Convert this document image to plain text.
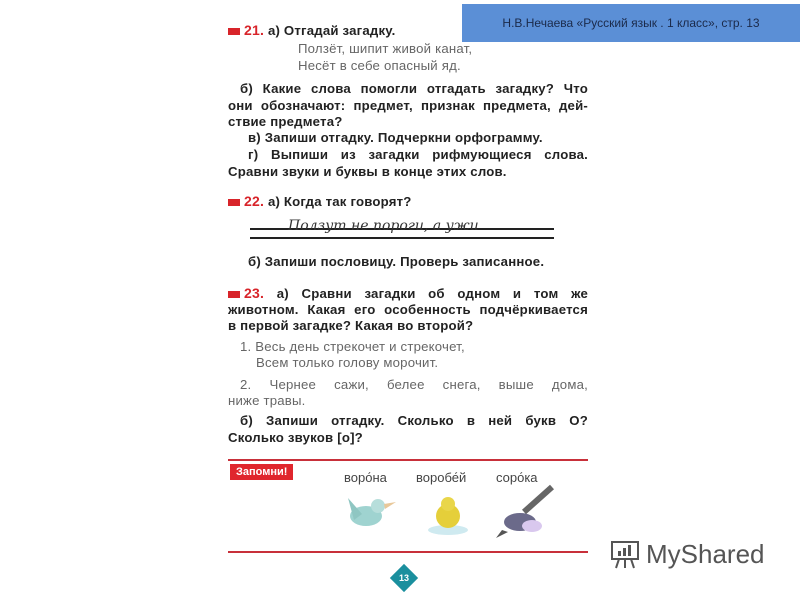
Н.В.Нечаева «Русский язык . 1 класс», стр. 13
21. а) Отгадай загадку.
Ползёт, шипит живой канат,
Несёт в себе опасный яд.
б) Какие слова помогли отгадать загадку? Что
они обозначают: предмет, признак предмета, дей-
ствие предмета?
в) Запиши отгадку. Подчеркни орфограмму.
г) Выпиши из загадки рифмующиеся слова.
Сравни звуки и буквы в конце этих слов.
22. а) Когда так говорят?
Ползут не пороги, а ужи
б) Запиши пословицу. Проверь записанное.
23. а) Сравни загадки об одном и том же
животном. Какая его особенность подчёркивается
в первой загадке? Какая во второй?
1. Весь день стрекочет и стрекочет,
Всем только голову морочит.
2. Чернее сажи, белее снега, выше дома,
ниже травы.
б) Запиши отгадку. Сколько в ней букв О?
Сколько звуков [о]?
Запомни!	воро́на воробе́й соро́ка
13
MyShared
